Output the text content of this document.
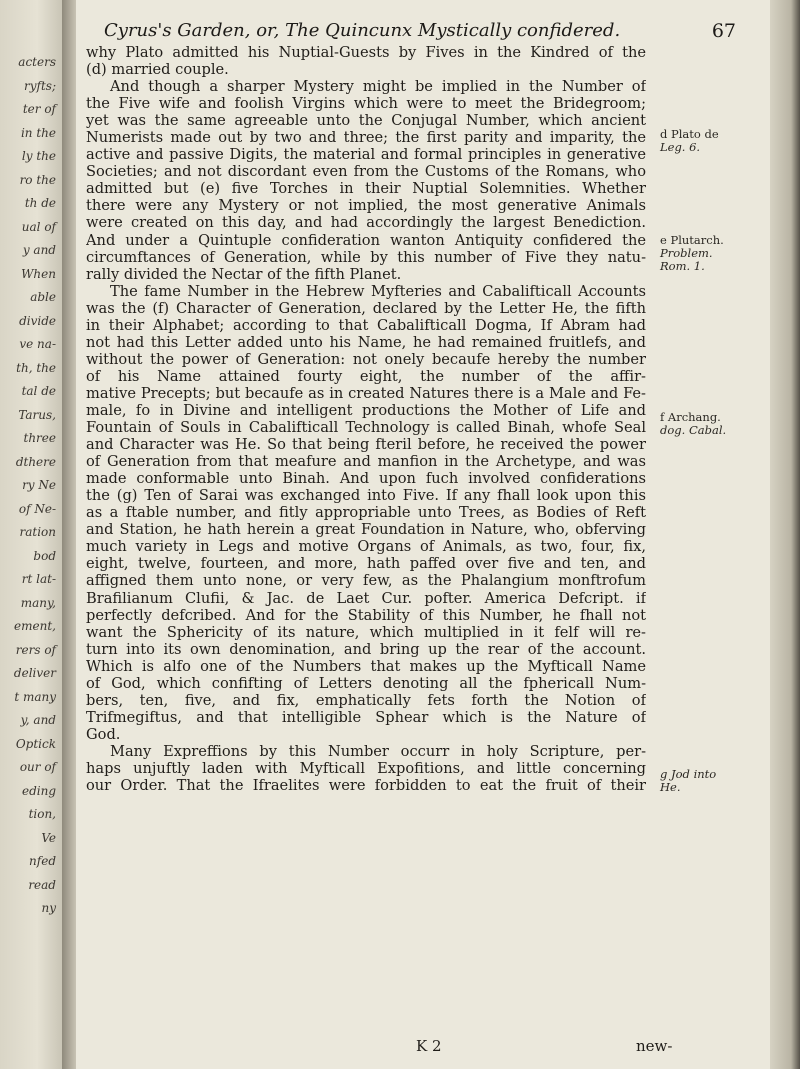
acters
ryfts;
ter of
in the
ly the
ro the
th de
ual of
y and
When
able
divide
ve na-
th, the
tal de
Tarus,
three
dthere
ry Ne
of Ne-
ration
bod
rt lat-
many,
ement,
rers of
deliver
t many
y, and
Optick
our of
eding
tion,
Ve
nfed
read
ny
Cyrus's Garden, or, The Quincunx Mystically confidered.	67
why Plato admitted his Nuptial-Guests by Fives in the Kindred of the
(d) married couple.
And though a sharper Mystery might be implied in the Number of
the Five wife and foolish Virgins which were to meet the Bridegroom;
yet was the same agreeable unto the Conjugal Number, which ancient
Numerists made out by two and three; the first parity and imparity, the
active and passive Digits, the material and formal principles in generative
Societies; and not discordant even from the Customs of the Romans, who
admitted but (e) five Torches in their Nuptial Solemnities. Whether
there were any Mystery or not implied, the most generative Animals
were created on this day, and had accordingly the largest Benediction.
And under a Quintuple confideration wanton Antiquity confidered the
circumftances of Generation, while by this number of Five they natu-
rally divided the Nectar of the fifth Planet.
The fame Number in the Hebrew Myfteries and Cabalifticall Accounts
was the (f) Character of Generation, declared by the Letter He, the fifth
in their Alphabet; according to that Cabalifticall Dogma, If Abram had
not had this Letter added unto his Name, he had remained fruitlefs, and
without the power of Generation: not onely becaufe hereby the number
of his Name attained fourty eight, the number of the affir-
mative Precepts; but becaufe as in created Natures there is a Male and Fe-
male, fo in Divine and intelligent productions the Mother of Life and
Fountain of Souls in Cabalifticall Technology is called Binah, whofe Seal
and Character was He. So that being fteril before, he received the power
of Generation from that meafure and manfion in the Archetype, and was
made conformable unto Binah. And upon fuch involved confiderations
the (g) Ten of Sarai was exchanged into Five. If any fhall look upon this
as a ftable number, and fitly appropriable unto Trees, as Bodies of Reft
and Station, he hath herein a great Foundation in Nature, who, obferving
much variety in Legs and motive Organs of Animals, as two, four, fix,
eight, twelve, fourteen, and more, hath paffed over five and ten, and
affigned them unto none, or very few, as the Phalangium monftrofum
Brafilianum Clufii, & Jac. de Laet Cur. pofter. America Defcript. if
perfectly defcribed. And for the Stability of this Number, he fhall not
want the Sphericity of its nature, which multiplied in it felf will re-
turn into its own denomination, and bring up the rear of the account.
Which is alfo one of the Numbers that makes up the Myfticall Name
of God, which confifting of Letters denoting all the fphericall Num-
bers, ten, five, and fix, emphatically fets forth the Notion of
Trifmegiftus, and that intelligible Sphear which is the Nature of
God.
Many Expreffions by this Number occurr in holy Scripture, per-
haps unjuftly laden with Myfticall Expofitions, and little concerning
our Order. That the Ifraelites were forbidden to eat the fruit of their
d Plato de
Leg. 6.
e Plutarch.
Problem.
Rom. 1.
f Archang.
dog. Cabal.
g Jod into
He.
K 2	new-
